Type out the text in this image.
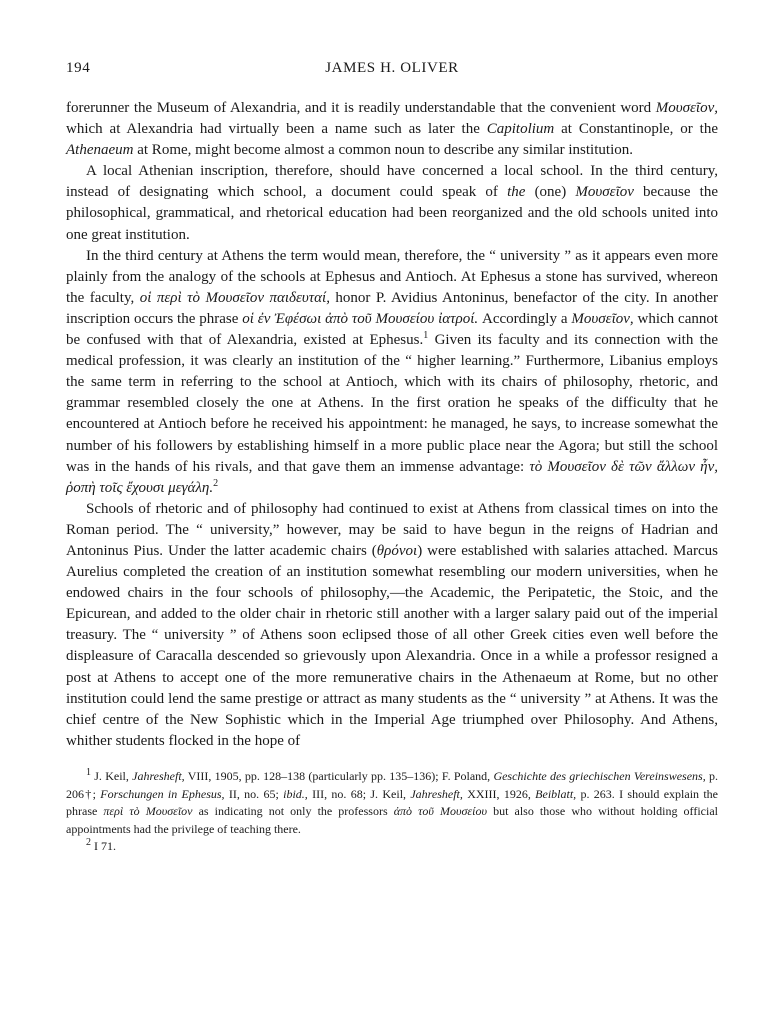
194	JAMES H. OLIVER

forerunner the Museum of Alexandria, and it is readily understandable that the convenient word Μουσεῖον, which at Alexandria had virtually been a name such as later the Capitolium at Constantinople, or the Athenaeum at Rome, might become almost a common noun to describe any similar institution.

A local Athenian inscription, therefore, should have concerned a local school. In the third century, instead of designating which school, a document could speak of the (one) Μουσεῖον because the philosophical, grammatical, and rhetorical education had been reorganized and the old schools united into one great institution.

In the third century at Athens the term would mean, therefore, the “ university ” as it appears even more plainly from the analogy of the schools at Ephesus and Antioch. At Ephesus a stone has survived, whereon the faculty, οἱ περὶ τὸ Μουσεῖον παιδευταί, honor P. Avidius Antoninus, benefactor of the city. In another inscription occurs the phrase οἱ ἐν Ἐφέσωι ἀπὸ τοῦ Μουσείου ἰατροί. Accordingly a Μουσεῖον, which cannot be confused with that of Alexandria, existed at Ephesus.$^1$ Given its faculty and its connection with the medical profession, it was clearly an institution of the “ higher learning.” Furthermore, Libanius employs the same term in referring to the school at Antioch, which with its chairs of philosophy, rhetoric, and grammar resembled closely the one at Athens. In the first oration he speaks of the difficulty that he encountered at Antioch before he received his appointment: he managed, he says, to increase somewhat the number of his followers by establishing himself in a more public place near the Agora; but still the school was in the hands of his rivals, and that gave them an immense advantage: τὸ Μουσεῖον δὲ τῶν ἄλλων ἦν, ῥοπὴ τοῖς ἔχουσι μεγάλη.$^2$

Schools of rhetoric and of philosophy had continued to exist at Athens from classical times on into the Roman period. The “ university,” however, may be said to have begun in the reigns of Hadrian and Antoninus Pius. Under the latter academic chairs (θρόνοι) were established with salaries attached. Marcus Aurelius completed the creation of an institution somewhat resembling our modern universities, when he endowed chairs in the four schools of philosophy,—the Academic, the Peripatetic, the Stoic, and the Epicurean, and added to the older chair in rhetoric still another with a larger salary paid out of the imperial treasury. The “ university ” of Athens soon eclipsed those of all other Greek cities even well before the displeasure of Caracalla descended so grievously upon Alexandria. Once in a while a professor resigned a post at Athens to accept one of the more remunerative chairs in the Athenaeum at Rome, but no other institution could lend the same prestige or attract as many students as the “ university ” at Athens. It was the chief centre of the New Sophistic which in the Imperial Age triumphed over Philosophy. And Athens, whither students flocked in the hope of

$^1$ J. Keil, Jahresheft, VIII, 1905, pp. 128–138 (particularly pp. 135–136); F. Poland, Geschichte des griechischen Vereinswesens, p. 206†; Forschungen in Ephesus, II, no. 65; ibid., III, no. 68; J. Keil, Jahresheft, XXIII, 1926, Beiblatt, p. 263. I should explain the phrase περὶ τὸ Μουσεῖον as indicating not only the professors ἀπὸ τοῦ Μουσείου but also those who without holding official appointments had the privilege of teaching there.

$^2$ I 71.
